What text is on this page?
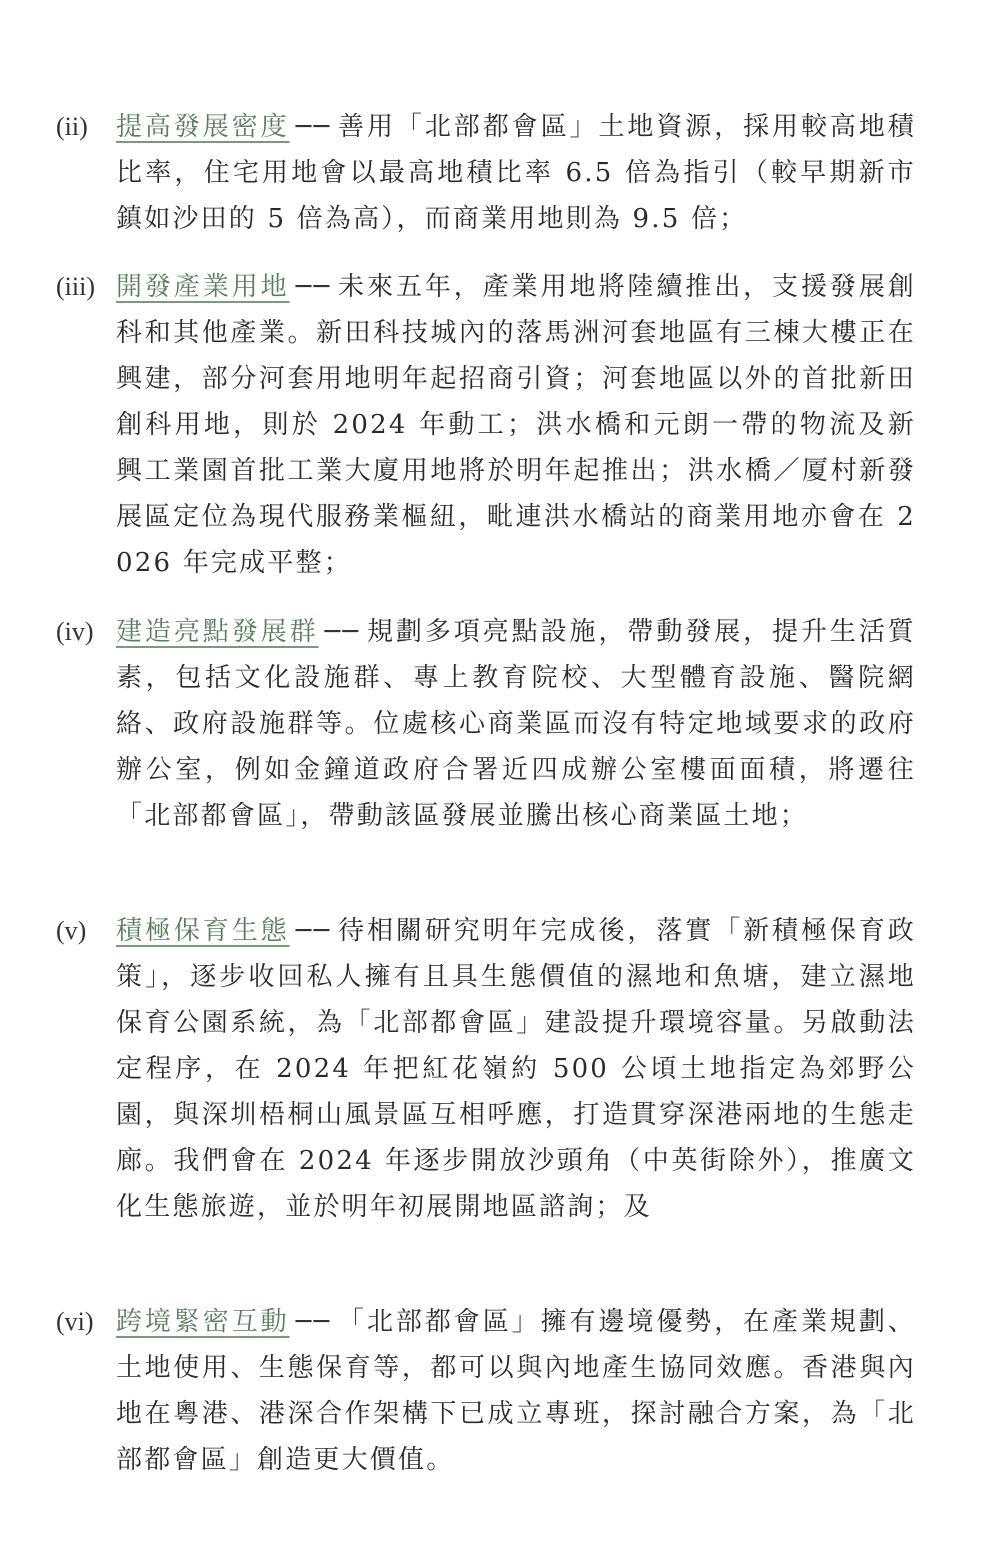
(ii) 提高發展密度 ── 善用「北部都會區」土地資源，採用較高地積比率，住宅用地會以最高地積比率 6.5 倍為指引（較早期新市鎮如沙田的 5 倍為高），而商業用地則為 9.5 倍；
(iii) 開發產業用地 ── 未來五年，產業用地將陸續推出，支援發展創科和其他產業。新田科技城內的落馬洲河套地區有三棟大樓正在興建，部分河套用地明年起招商引資；河套地區以外的首批新田創科用地，則於 2024 年動工；洪水橋和元朗一帶的物流及新興工業園首批工業大廈用地將於明年起推出；洪水橋／厦村新發展區定位為現代服務業樞紐，毗連洪水橋站的商業用地亦會在 2026 年完成平整；
(iv) 建造亮點發展群 ── 規劃多項亮點設施，帶動發展，提升生活質素，包括文化設施群、專上教育院校、大型體育設施、醫院網絡、政府設施群等。位處核心商業區而沒有特定地域要求的政府辦公室，例如金鐘道政府合署近四成辦公室樓面面積，將遷往「北部都會區」，帶動該區發展並騰出核心商業區土地；
(v) 積極保育生態 ── 待相關研究明年完成後，落實「新積極保育政策」，逐步收回私人擁有且具生態價值的濕地和魚塘，建立濕地保育公園系統，為「北部都會區」建設提升環境容量。另啟動法定程序，在 2024 年把紅花嶺約 500 公頃土地指定為郊野公園，與深圳梧桐山風景區互相呼應，打造貫穿深港兩地的生態走廊。我們會在 2024 年逐步開放沙頭角（中英街除外），推廣文化生態旅遊，並於明年初展開地區諮詢；及
(vi) 跨境緊密互動 ── 「北部都會區」擁有邊境優勢，在產業規劃、土地使用、生態保育等，都可以與內地產生協同效應。香港與內地在粵港、港深合作架構下已成立專班，探討融合方案，為「北部都會區」創造更大價值。
